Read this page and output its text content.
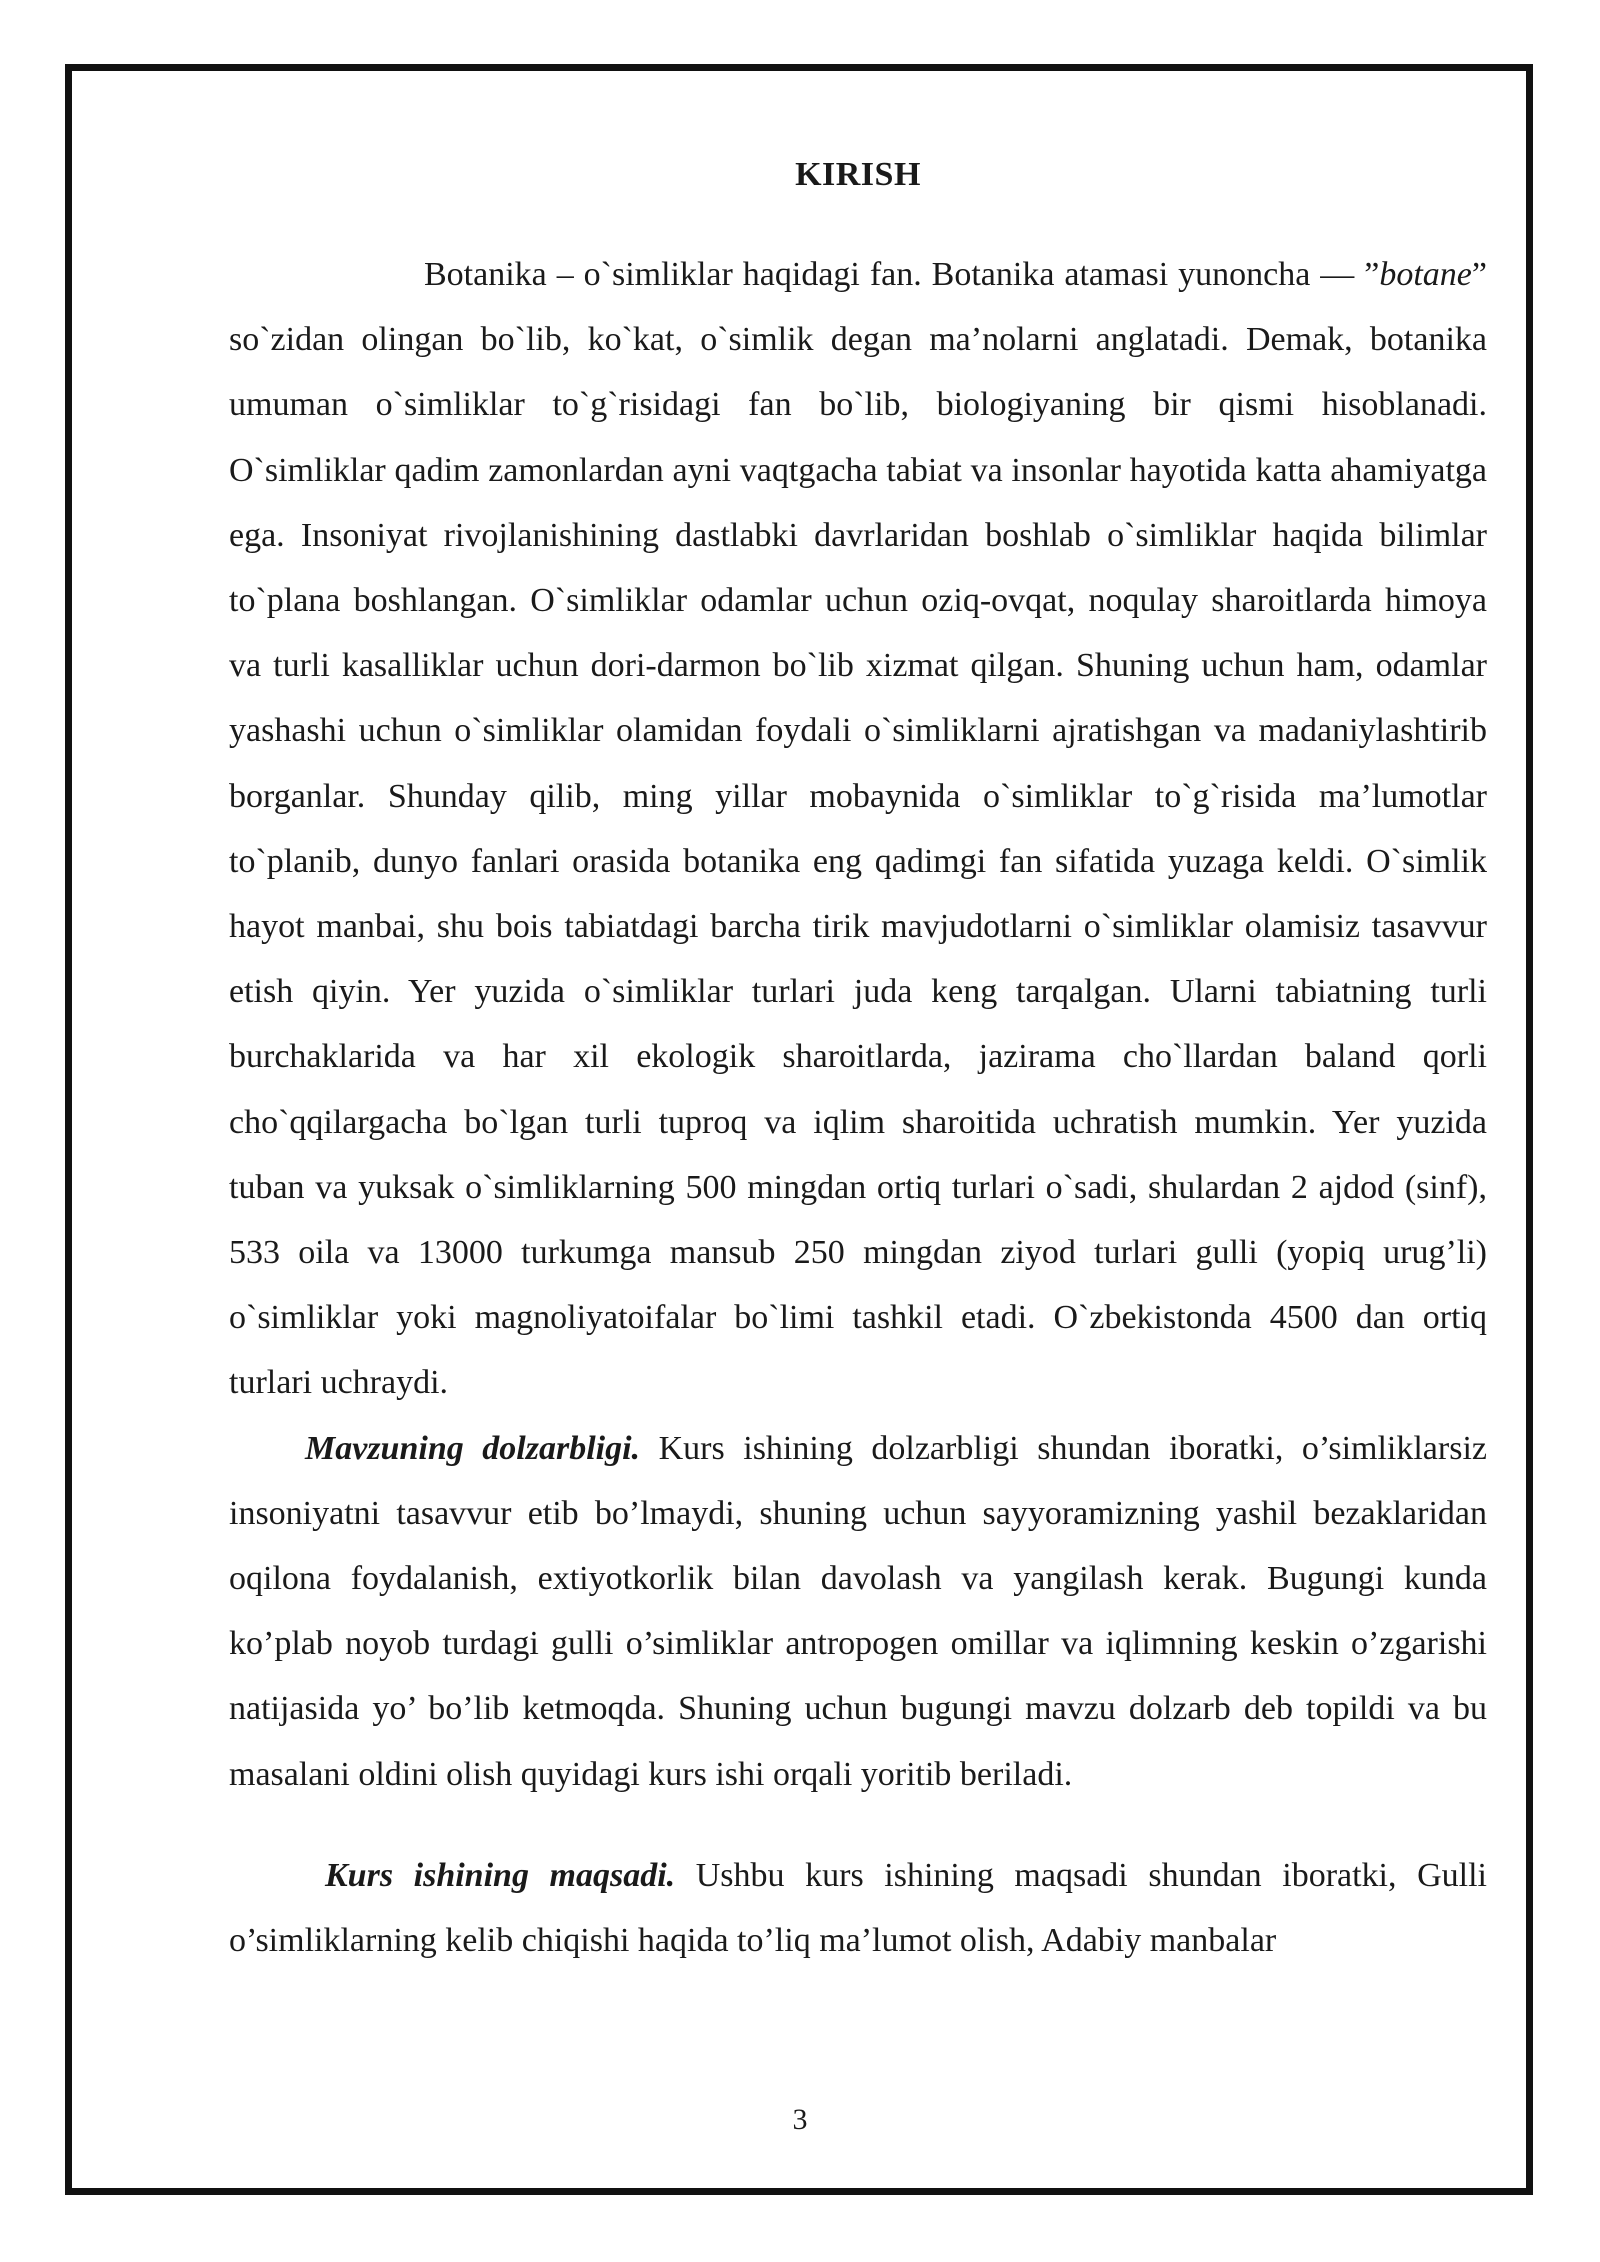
KIRISH

Botanika – o`simliklar haqidagi fan. Botanika atamasi yunoncha — ”botane” so`zidan olingan bo`lib, ko`kat, o`simlik degan ma’nolarni anglatadi. Demak, botanika umuman o`simliklar to`g`risidagi fan bo`lib, biologiyaning bir qismi hisoblanadi. O`simliklar qadim zamonlardan ayni vaqtgacha tabiat va insonlar hayotida katta ahamiyatga ega. Insoniyat rivojlanishining dastlabki davrlaridan boshlab o`simliklar haqida bilimlar to`plana boshlangan. O`simliklar odamlar uchun oziq-ovqat, noqulay sharoitlarda himoya va turli kasalliklar uchun dori-darmon bo`lib xizmat qilgan. Shuning uchun ham, odamlar yashashi uchun o`simliklar olamidan foydali o`simliklarni ajratishgan va madaniylashtirib borganlar. Shunday qilib, ming yillar mobaynida o`simliklar to`g`risida ma’lumotlar to`planib, dunyo fanlari orasida botanika eng qadimgi fan sifatida yuzaga keldi. O`simlik hayot manbai, shu bois tabiatdagi barcha tirik mavjudotlarni o`simliklar olamisiz tasavvur etish qiyin. Yer yuzida o`simliklar turlari juda keng tarqalgan. Ularni tabiatning turli burchaklarida va har xil ekologik sharoitlarda, jazirama cho`llardan baland qorli cho`qqilargacha bo`lgan turli tuproq va iqlim sharoitida uchratish mumkin. Yer yuzida tuban va yuksak o`simliklarning 500 mingdan ortiq turlari o`sadi, shulardan 2 ajdod (sinf), 533 oila va 13000 turkumga mansub 250 mingdan ziyod turlari gulli (yopiq urug’li) o`simliklar yoki magnoliyatoifalar bo`limi tashkil etadi. O`zbekistonda 4500 dan ortiq turlari uchraydi.

Mavzuning dolzarbligi. Kurs ishining dolzarbligi shundan iboratki, o’simliklarsiz insoniyatni tasavvur etib bo’lmaydi, shuning uchun sayyoramizning yashil bezaklaridan oqilona foydalanish, extiyotkorlik bilan davolash va yangilash kerak. Bugungi kunda ko’plab noyob turdagi gulli o’simliklar antropogen omillar va iqlimning keskin o’zgarishi natijasida yo’ bo’lib ketmoqda. Shuning uchun bugungi mavzu dolzarb deb topildi va bu masalani oldini olish quyidagi kurs ishi orqali yoritib beriladi.

Kurs ishining maqsadi. Ushbu kurs ishining maqsadi shundan iboratki, Gulli o’simliklarning kelib chiqishi haqida to’liq ma’lumot olish, Adabiy manbalar

3
